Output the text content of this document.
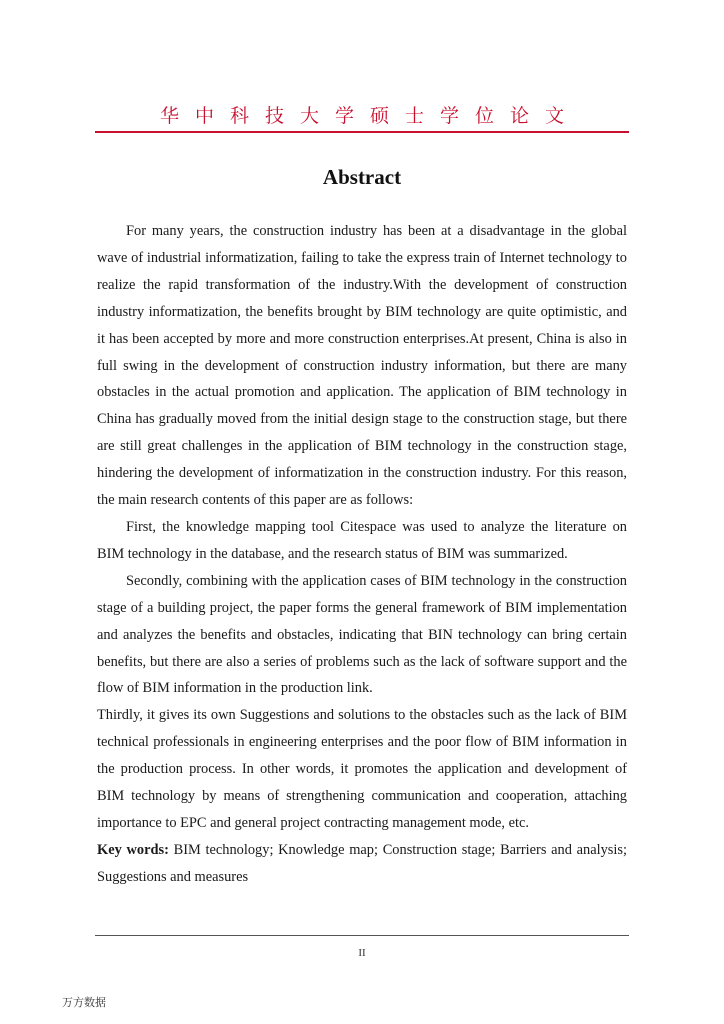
华中科技大学硕士学位论文
Abstract

For many years, the construction industry has been at a disadvantage in the global wave of industrial informatization, failing to take the express train of Internet technology to realize the rapid transformation of the industry.With the development of construction industry informatization, the benefits brought by BIM technology are quite optimistic, and it has been accepted by more and more construction enterprises.At present, China is also in full swing in the development of construction industry information, but there are many obstacles in the actual promotion and application. The application of BIM technology in China has gradually moved from the initial design stage to the construction stage, but there are still great challenges in the application of BIM technology in the construction stage, hindering the development of informatization in the construction industry. For this reason, the main research contents of this paper are as follows:

First, the knowledge mapping tool Citespace was used to analyze the literature on BIM technology in the database, and the research status of BIM was summarized.

Secondly, combining with the application cases of BIM technology in the construction stage of a building project, the paper forms the general framework of BIM implementation and analyzes the benefits and obstacles, indicating that BIN technology can bring certain benefits, but there are also a series of problems such as the lack of software support and the flow of BIM information in the production link.

Thirdly, it gives its own Suggestions and solutions to the obstacles such as the lack of BIM technical professionals in engineering enterprises and the poor flow of BIM information in the production process. In other words, it promotes the application and development of BIM technology by means of strengthening communication and cooperation, attaching importance to EPC and general project contracting management mode, etc.

Key words: BIM technology; Knowledge map; Construction stage; Barriers and analysis; Suggestions and measures

II
万方数据
